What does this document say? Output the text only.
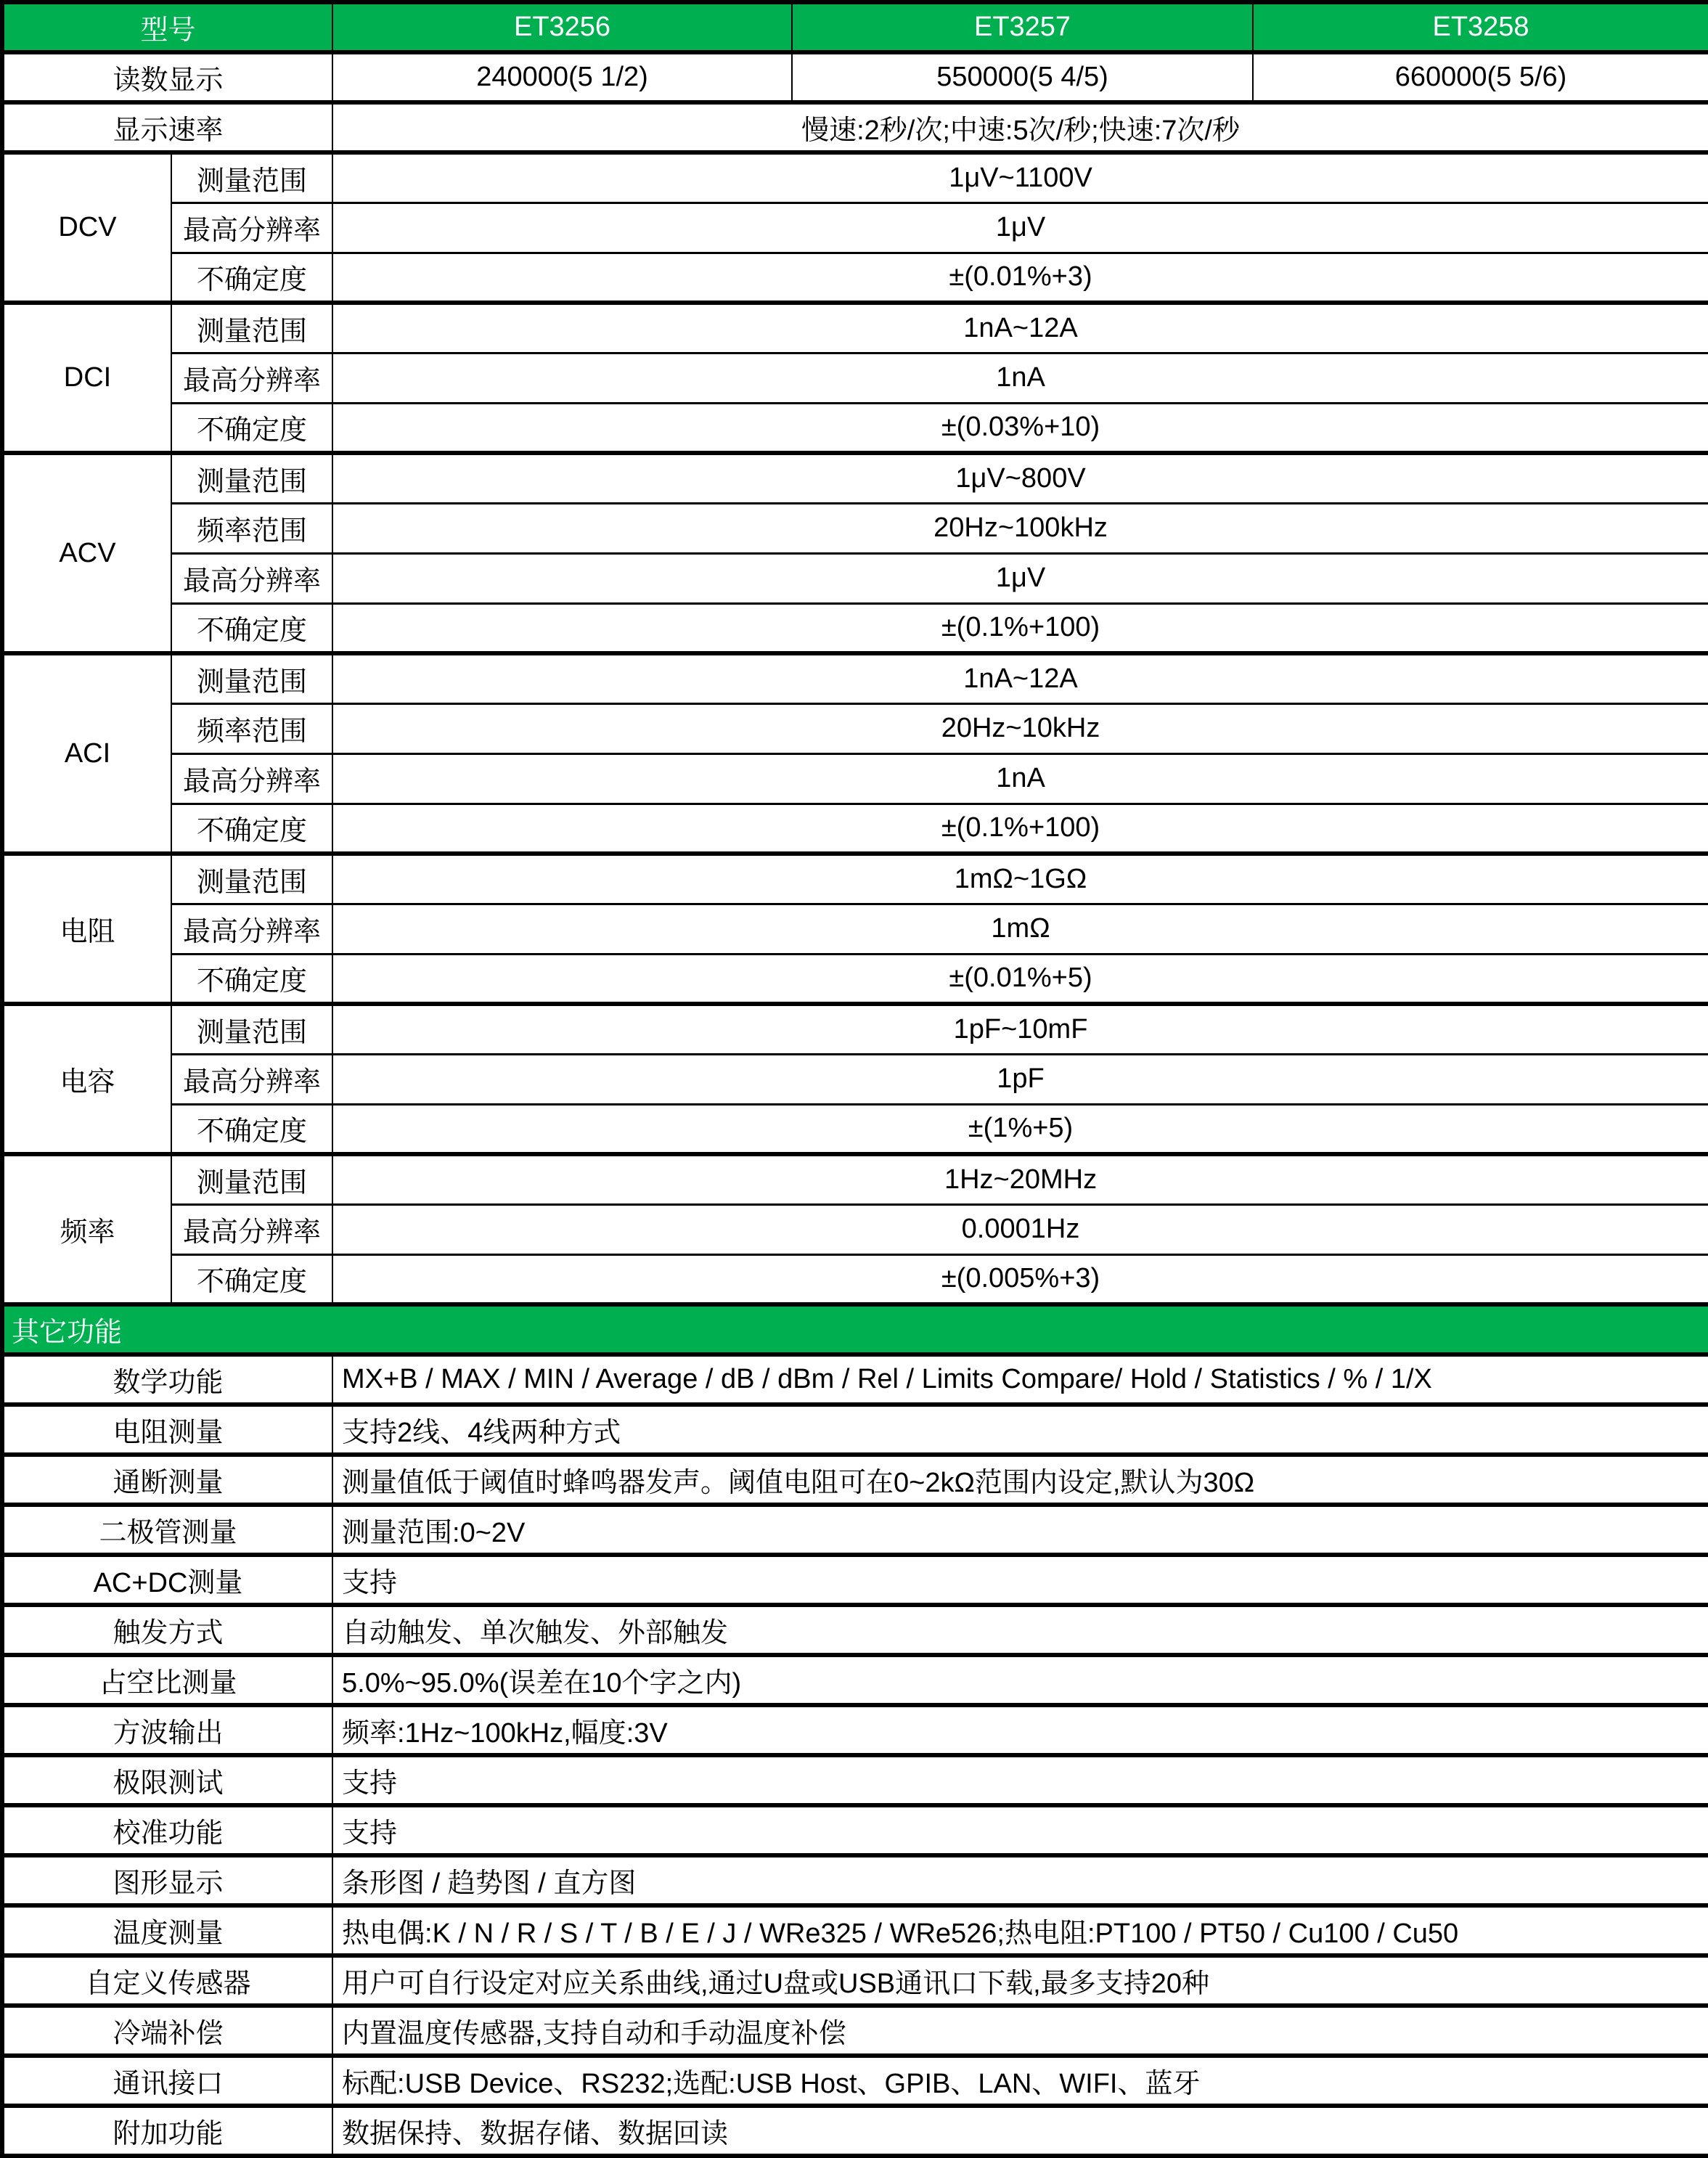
型号		ET3256	ET3257	ET3258
读数显示		240000(5 1/2)	550000(5 4/5)	660000(5 5/6)
显示速率		慢速:2秒/次;中速:5次/秒;快速:7次/秒		
DCV	测量范围	1μV~1100V		
	最高分辨率	1μV		
	不确定度	±(0.01%+3)		
DCI	测量范围	1nA~12A		
	最高分辨率	1nA		
	不确定度	±(0.03%+10)		
ACV	测量范围	1μV~800V		
	频率范围	20Hz~100kHz		
	最高分辨率	1μV		
	不确定度	±(0.1%+100)		
ACI	测量范围	1nA~12A		
	频率范围	20Hz~10kHz		
	最高分辨率	1nA		
	不确定度	±(0.1%+100)		
电阻	测量范围	1mΩ~1GΩ		
	最高分辨率	1mΩ		
	不确定度	±(0.01%+5)		
电容	测量范围	1pF~10mF		
	最高分辨率	1pF		
	不确定度	±(1%+5)		
频率	测量范围	1Hz~20MHz		
	最高分辨率	0.0001Hz		
	不确定度	±(0.005%+3)		
其它功能				
数学功能		MX+B / MAX / MIN / Average / dB / dBm / Rel / Limits Compare/ Hold / Statistics / % / 1/X		
电阻测量		支持2线、4线两种方式		
通断测量		测量值低于阈值时蜂鸣器发声。阈值电阻可在0~2kΩ范围内设定,默认为30Ω		
二极管测量		测量范围:0~2V		
AC+DC测量		支持		
触发方式		自动触发、单次触发、外部触发		
占空比测量		5.0%~95.0%(误差在10个字之内)		
方波输出		频率:1Hz~100kHz,幅度:3V		
极限测试		支持		
校准功能		支持		
图形显示		条形图 / 趋势图 / 直方图		
温度测量		热电偶:K / N / R / S / T / B / E / J / WRe325 / WRe526;热电阻:PT100 / PT50 / Cu100 / Cu50		
自定义传感器		用户可自行设定对应关系曲线,通过U盘或USB通讯口下载,最多支持20种		
冷端补偿		内置温度传感器,支持自动和手动温度补偿		
通讯接口		标配:USB Device、RS232;选配:USB Host、GPIB、LAN、WIFI、蓝牙		
附加功能		数据保持、数据存储、数据回读		
